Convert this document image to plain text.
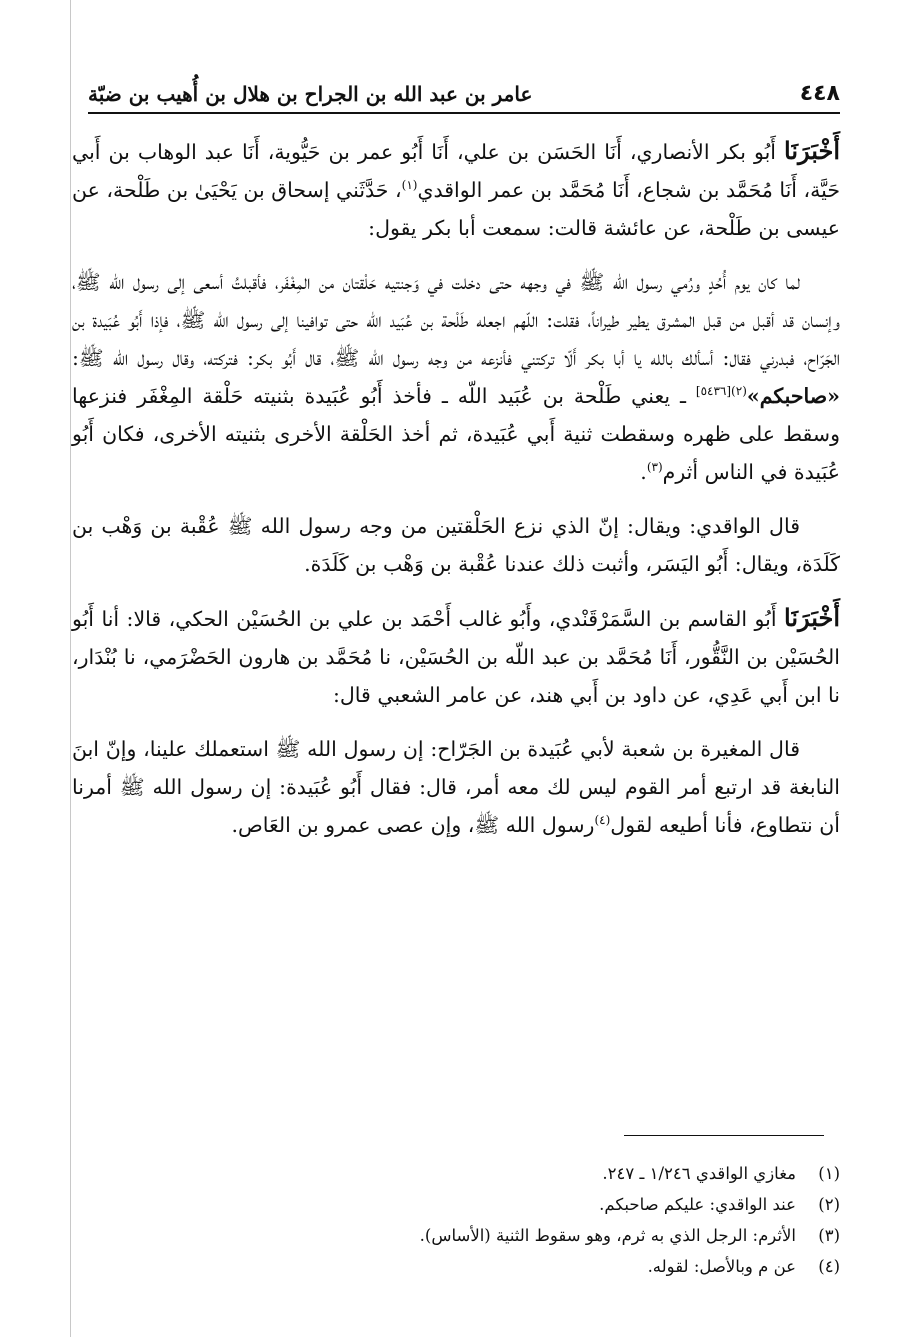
٤٤٨
عامر بن عبد الله بن الجراح بن هلال بن أُهيب بن ضبّة

أَخْبَرَنَا أَبُو بكر الأنصاري، أَنَا الحَسَن بن علي، أَنَا أَبُو عمر بن حَيُّوية، أَنَا عبد الوهاب بن أَبي حَيَّة، أَنَا مُحَمَّد بن شجاع، أَنَا مُحَمَّد بن عمر الواقدي$^{(١)}$، حَدَّثَني إسحاق بن يَحْيَىٰ بن طَلْحة، عن عيسى بن طَلْحة، عن عائشة قالت: سمعت أبا بكر يقول:

لما كان يوم أُحُدٍ ورُمي رسول الله ﷺ في وجهه حتى دخلت في وَجنتيه حَلْقتان من المِغْفَر، فأقبلتُ أسعى إلى رسول الله ﷺ، وإنسان قد أقبل من قبل المشرق يطير طيراناً، فقلت: اللّهم اجعله طَلْحة بن عُبَيد اللّه حتى توافينا إلى رسول الله ﷺ، فإذا أَبُو عُبَيدة بن الجَرّاح، فبدرني فقال: أسألك بالله يا أبا بكر أَلّا تركتني فأنزعه من وجه رسول الله ﷺ، قال أَبُو بكر: فتركته، وقال رسول الله ﷺ: «صاحبكم»$^{(٢)[٥٤٣٦]}$ ـ يعني طَلْحة بن عُبَيد اللّه ـ فأخذ أَبُو عُبَيدة بثنيته حَلْقة المِغْفَر فنزعها وسقط على ظهره وسقطت ثنية أَبي عُبَيدة، ثم أخذ الحَلْقة الأخرى بثنيته الأخرى، فكان أَبُو عُبَيدة في الناس أثرم$^{(٣)}$.

قال الواقدي: ويقال: إنّ الذي نزع الحَلْقتين من وجه رسول الله ﷺ عُقْبة بن وَهْب بن كَلَدَة، ويقال: أَبُو اليَسَر، وأثبت ذلك عندنا عُقْبة بن وَهْب بن كَلَدَة.

أَخْبَرَنَا أَبُو القاسم بن السَّمَرْقَنْدي، وأَبُو غالب أَحْمَد بن علي بن الحُسَيْن الحكي، قالا: أنا أَبُو الحُسَيْن بن النَّقُّور، أَنَا مُحَمَّد بن عبد اللّه بن الحُسَيْن، نا مُحَمَّد بن هارون الحَضْرَمي، نا بُنْدَار، نا ابن أَبي عَدِي، عن داود بن أَبي هند، عن عامر الشعبي قال:

قال المغيرة بن شعبة لأبي عُبَيدة بن الجَرّاح: إن رسول الله ﷺ استعملك علينا، وإنّ ابنَ النابغة قد ارتبع أمر القوم ليس لك معه أمر، قال: فقال أَبُو عُبَيدة: إن رسول الله ﷺ أمرنا أن نتطاوع، فأنا أطيعه لقول$^{(٤)}$رسول الله ﷺ، وإن عصى عمرو بن العَاص.

(١)
مغازي الواقدي ١/٢٤٦ ـ ٢٤٧.
(٢)
عند الواقدي: عليكم صاحبكم.
(٣)
الأثرم: الرجل الذي به ثرم، وهو سقوط الثنية (الأساس).
(٤)
عن م وبالأصل: لقوله.
